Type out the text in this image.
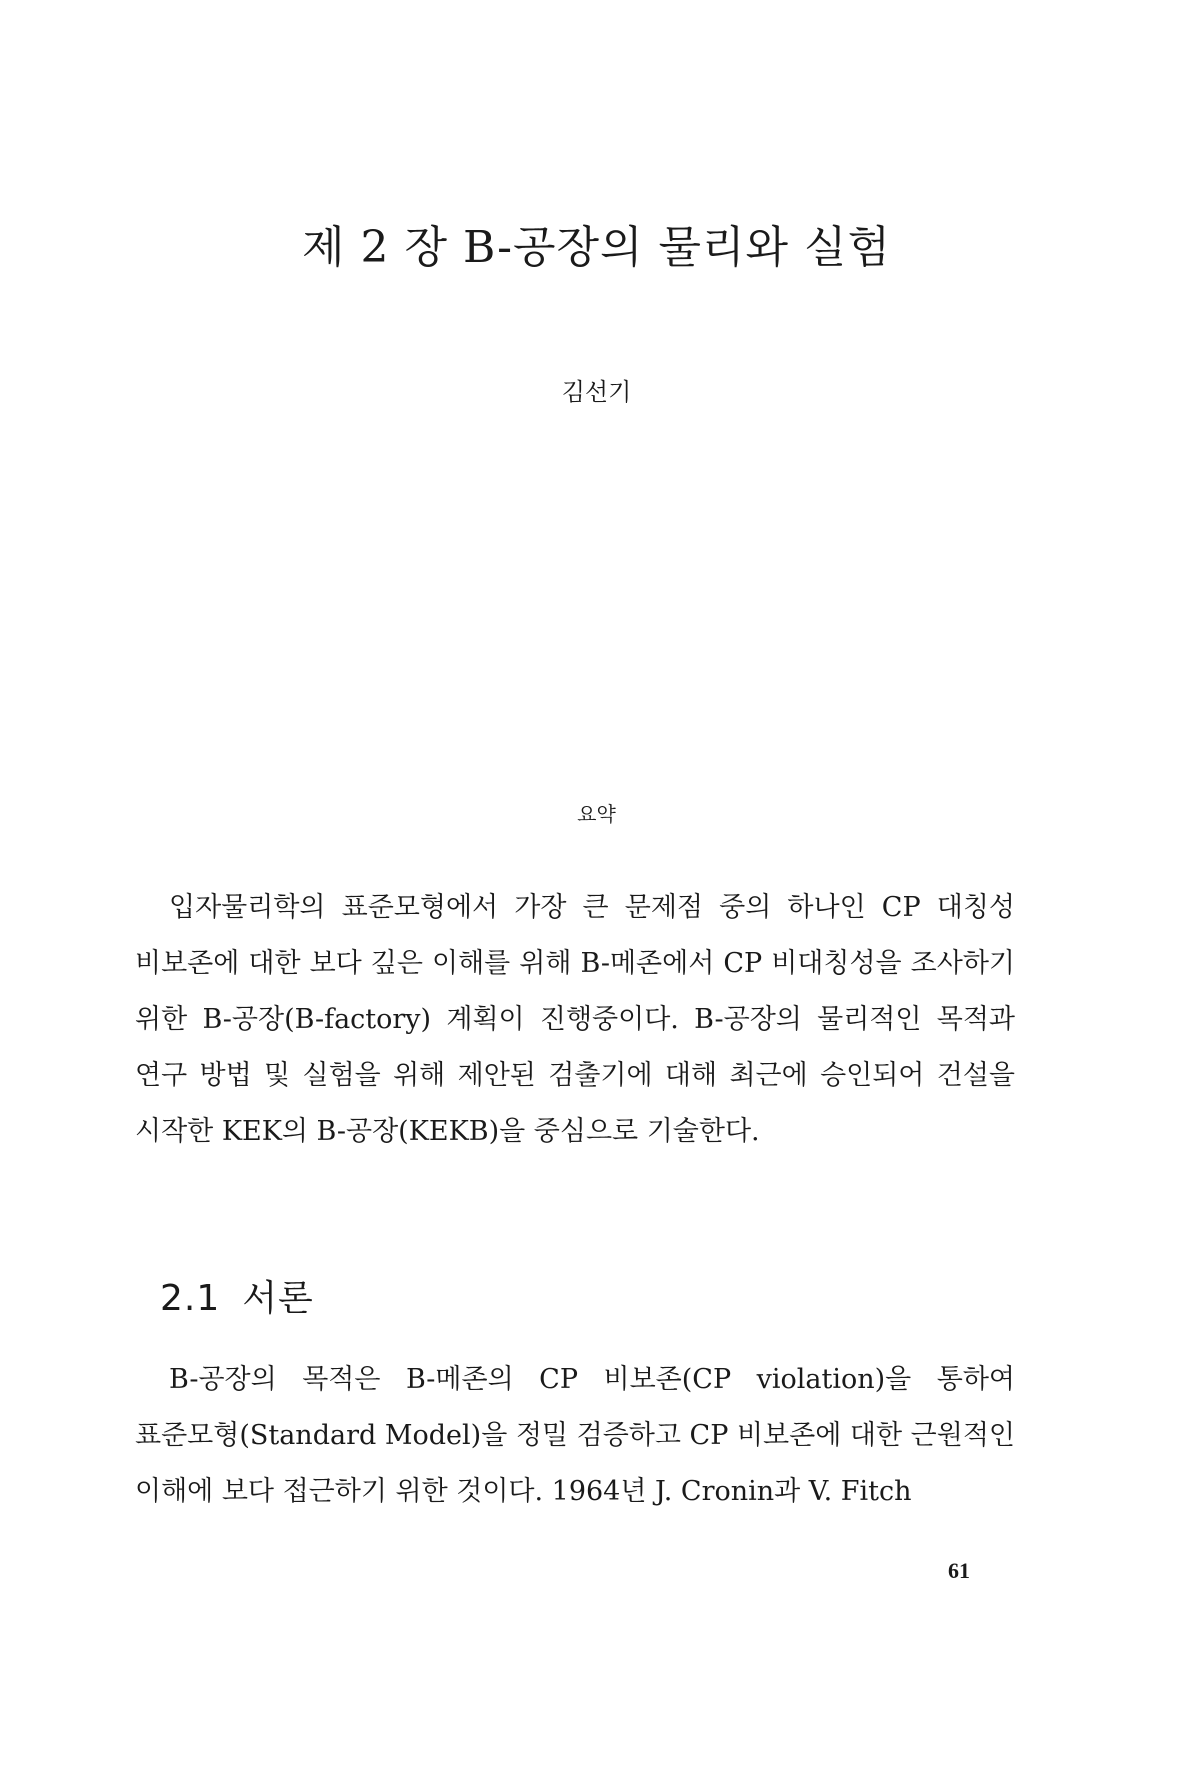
제 2 장 B-공장의 물리와 실험
김선기
요약

입자물리학의 표준모형에서 가장 큰 문제점 중의 하나인 CP 대칭성 비보존에 대한 보다 깊은 이해를 위해 B-메존에서 CP 비대칭성을 조사하기 위한 B-공장(B-factory) 계획이 진행중이다. B-공장의 물리적인 목적과 연구 방법 및 실험을 위해 제안된 검출기에 대해 최근에 승인되어 건설을 시작한 KEK의 B-공장(KEKB)을 중심으로 기술한다.

2.1 서론

B-공장의 목적은 B-메존의 CP 비보존(CP violation)을 통하여 표준모형(Standard Model)을 정밀 검증하고 CP 비보존에 대한 근원적인 이해에 보다 접근하기 위한 것이다. 1964년 J. Cronin과 V. Fitch

61
